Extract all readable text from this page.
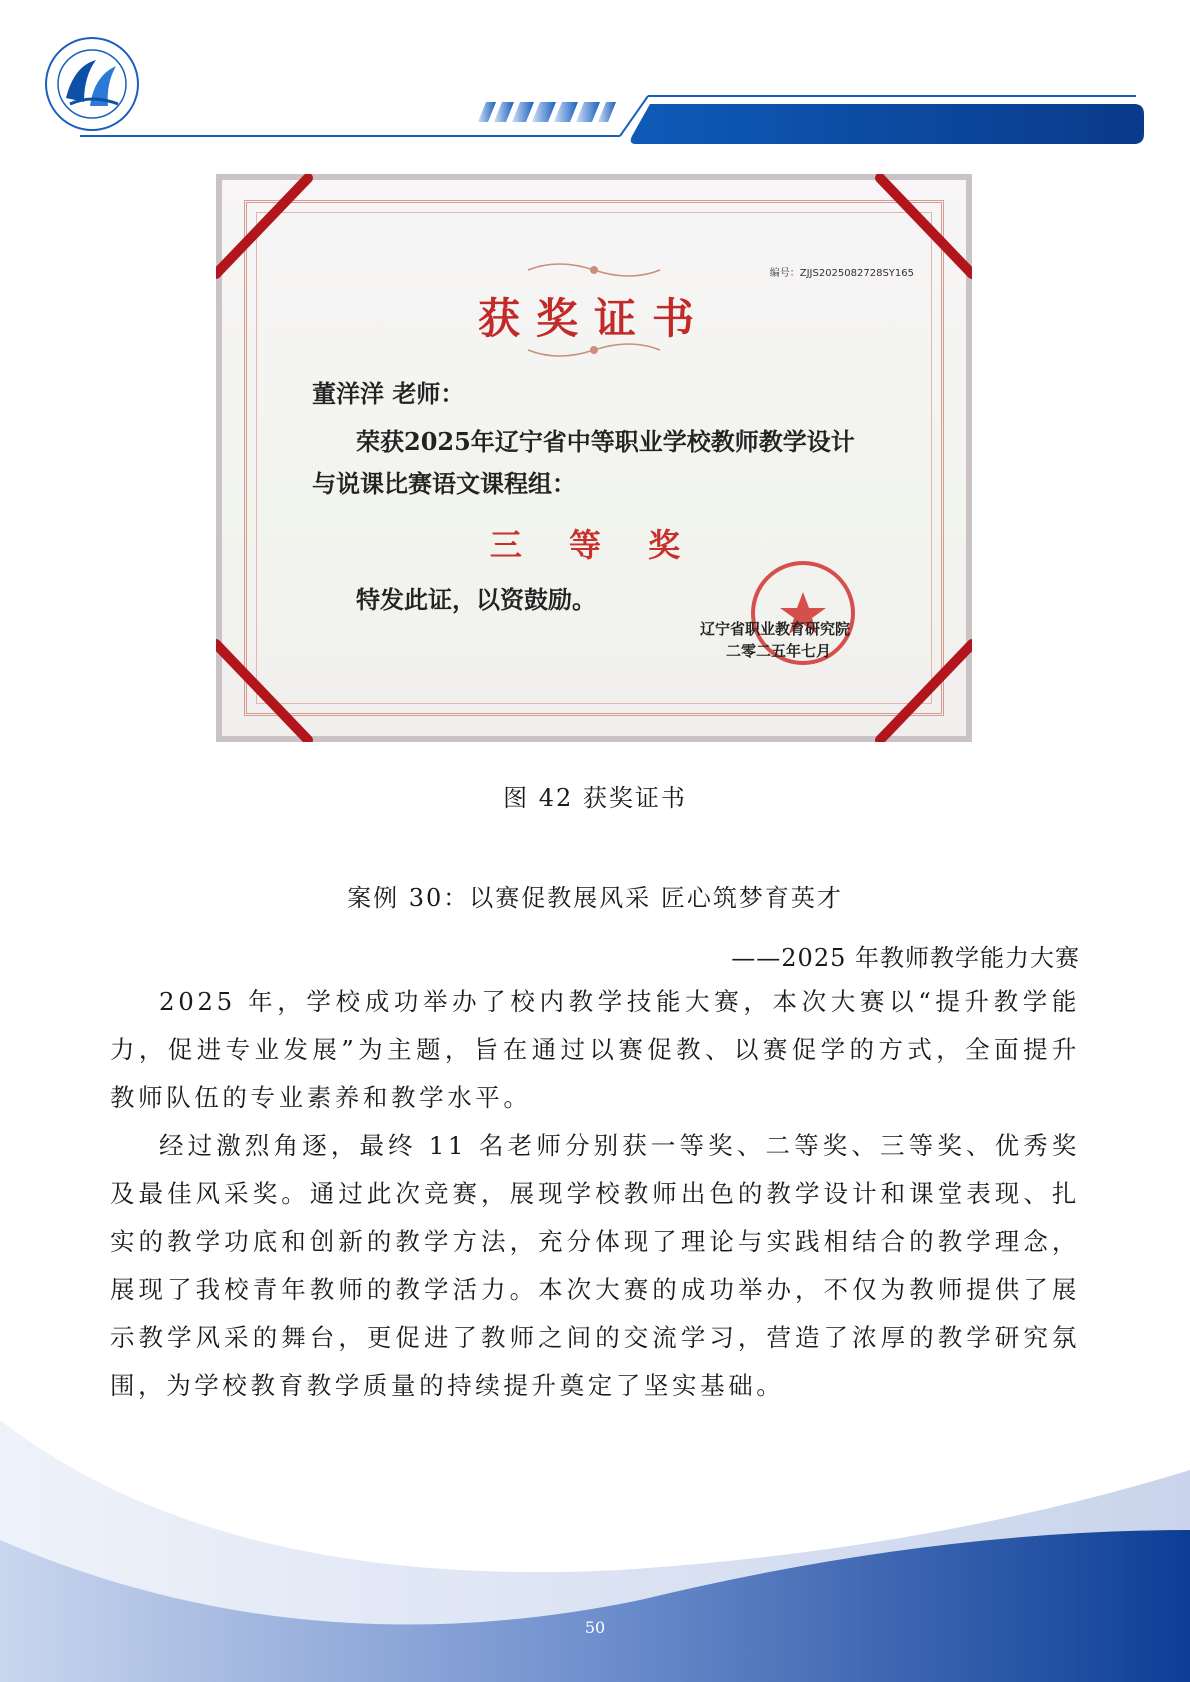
编号：ZJJS2025082728SY165
获奖证书
董洋洋 老师：
荣获2025年辽宁省中等职业学校教师教学设计
与说课比赛语文课程组：
三 等 奖
特发此证，以资鼓励。
辽宁省职业教育研究院
二零二五年七月
图 42 获奖证书
案例 30：以赛促教展风采 匠心筑梦育英才
——2025 年教师教学能力大赛

2025 年，学校成功举办了校内教学技能大赛，本次大赛以“提升教学能力，促进专业发展”为主题，旨在通过以赛促教、以赛促学的方式，全面提升教师队伍的专业素养和教学水平。

经过激烈角逐，最终 11 名老师分别获一等奖、二等奖、三等奖、优秀奖及最佳风采奖。通过此次竞赛，展现学校教师出色的教学设计和课堂表现、扎实的教学功底和创新的教学方法，充分体现了理论与实践相结合的教学理念，展现了我校青年教师的教学活力。本次大赛的成功举办，不仅为教师提供了展示教学风采的舞台，更促进了教师之间的交流学习，营造了浓厚的教学研究氛围，为学校教育教学质量的持续提升奠定了坚实基础。

50
